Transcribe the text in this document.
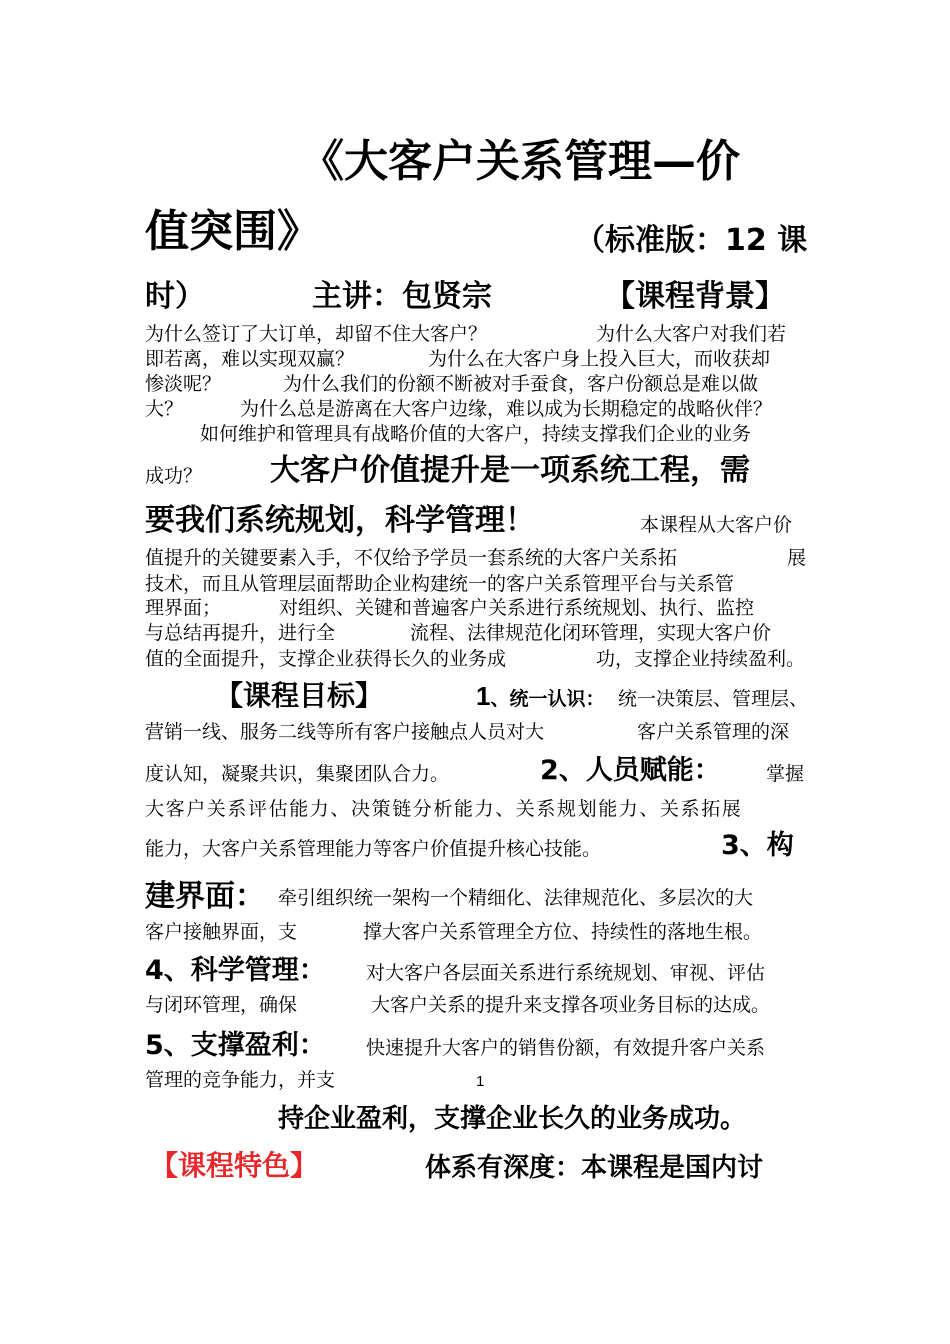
《大客户关系管理—价
值突围》	（标准版：12 课
时）	主讲：包贤宗	【课程背景】
为什么签订了大订单，却留不住大客户？	为什么大客户对我们若
即若离，难以实现双赢？	为什么在大客户身上投入巨大，而收获却
惨淡呢？	为什么我们的份额不断被对手蚕食，客户份额总是难以做
大？	为什么总是游离在大客户边缘，难以成为长期稳定的战略伙伴？
如何维护和管理具有战略价值的大客户，持续支撑我们企业的业务
成功？ 大客户价值提升是一项系统工程，需
要我们系统规划，科学管理！	本课程从大客户价
值提升的关键要素入手，不仅给予学员一套系统的大客户关系拓	展
技术，而且从管理层面帮助企业构建统一的客户关系管理平台与关系管
理界面；	对组织、关键和普遍客户关系进行系统规划、执行、监控
与总结再提升，进行全	流程、法律规范化闭环管理，实现大客户价
值的全面提升，支撑企业获得长久的业务成	功，支撑企业持续盈利。
【课程目标】	1、统一认识： 统一决策层、管理层、
营销一线、服务二线等所有客户接触点人员对大	客户关系管理的深
度认知，凝聚共识，集聚团队合力。	2、人员赋能： 掌握
大客户关系评估能力、决策链分析能力、关系规划能力、关系拓展
能力，大客户关系管理能力等客户价值提升核心技能。	3、构
建界面： 牵引组织统一架构一个精细化、法律规范化、多层次的大
客户接触界面，支	撑大客户关系管理全方位、持续性的落地生根。
4、科学管理： 对大客户各层面关系进行系统规划、审视、评估
与闭环管理，确保	大客户关系的提升来支撑各项业务目标的达成。
5、支撑盈利： 快速提升大客户的销售份额，有效提升客户关系
管理的竞争能力，并支	1
持企业盈利，支撑企业长久的业务成功。
【课程特色】	体系有深度：本课程是国内讨
